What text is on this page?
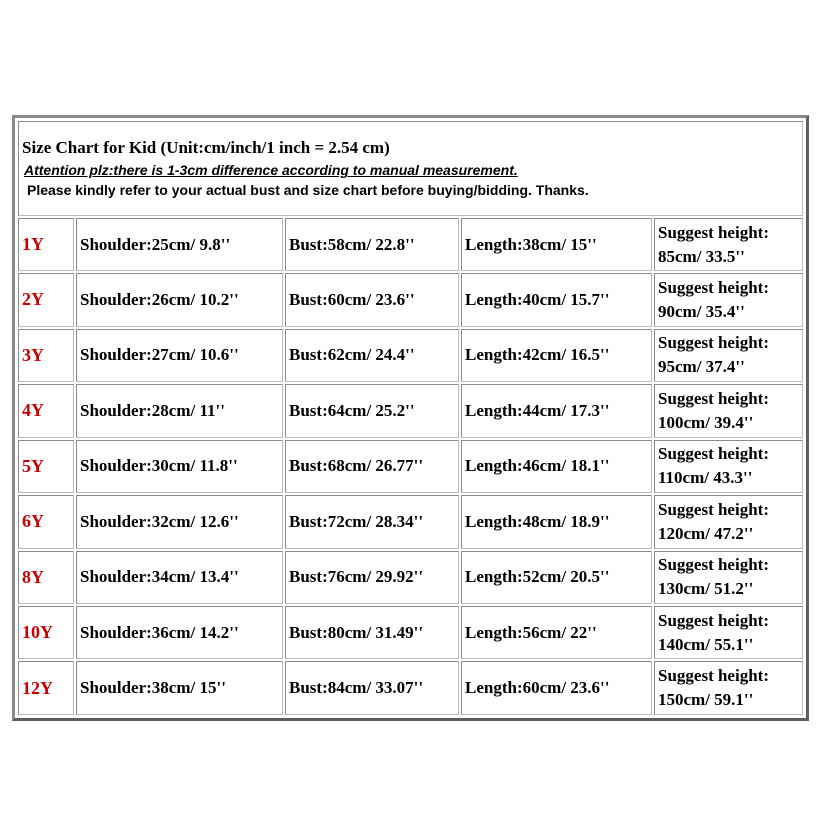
Size Chart for Kid (Unit:cm/inch/1 inch = 2.54 cm)
Attention plz:there is 1-3cm difference according to manual measurement.
Please kindly refer to your actual bust and size chart before buying/bidding. Thanks.				

1Y	Shoulder:25cm/ 9.8''	Bust:58cm/ 22.8''	Length:38cm/ 15''	Suggest height:
85cm/ 33.5''

2Y	Shoulder:26cm/ 10.2''	Bust:60cm/ 23.6''	Length:40cm/ 15.7''	Suggest height:
90cm/ 35.4''

3Y	Shoulder:27cm/ 10.6''	Bust:62cm/ 24.4''	Length:42cm/ 16.5''	Suggest height:
95cm/ 37.4''

4Y	Shoulder:28cm/ 11''	Bust:64cm/ 25.2''	Length:44cm/ 17.3''	Suggest height:
100cm/ 39.4''

5Y	Shoulder:30cm/ 11.8''	Bust:68cm/ 26.77''	Length:46cm/ 18.1''	Suggest height:
110cm/ 43.3''

6Y	Shoulder:32cm/ 12.6''	Bust:72cm/ 28.34''	Length:48cm/ 18.9''	Suggest height:
120cm/ 47.2''

8Y	Shoulder:34cm/ 13.4''	Bust:76cm/ 29.92''	Length:52cm/ 20.5''	Suggest height:
130cm/ 51.2''

10Y	Shoulder:36cm/ 14.2''	Bust:80cm/ 31.49''	Length:56cm/ 22''	Suggest height:
140cm/ 55.1''

12Y	Shoulder:38cm/ 15''	Bust:84cm/ 33.07''	Length:60cm/ 23.6''	Suggest height:
150cm/ 59.1''
